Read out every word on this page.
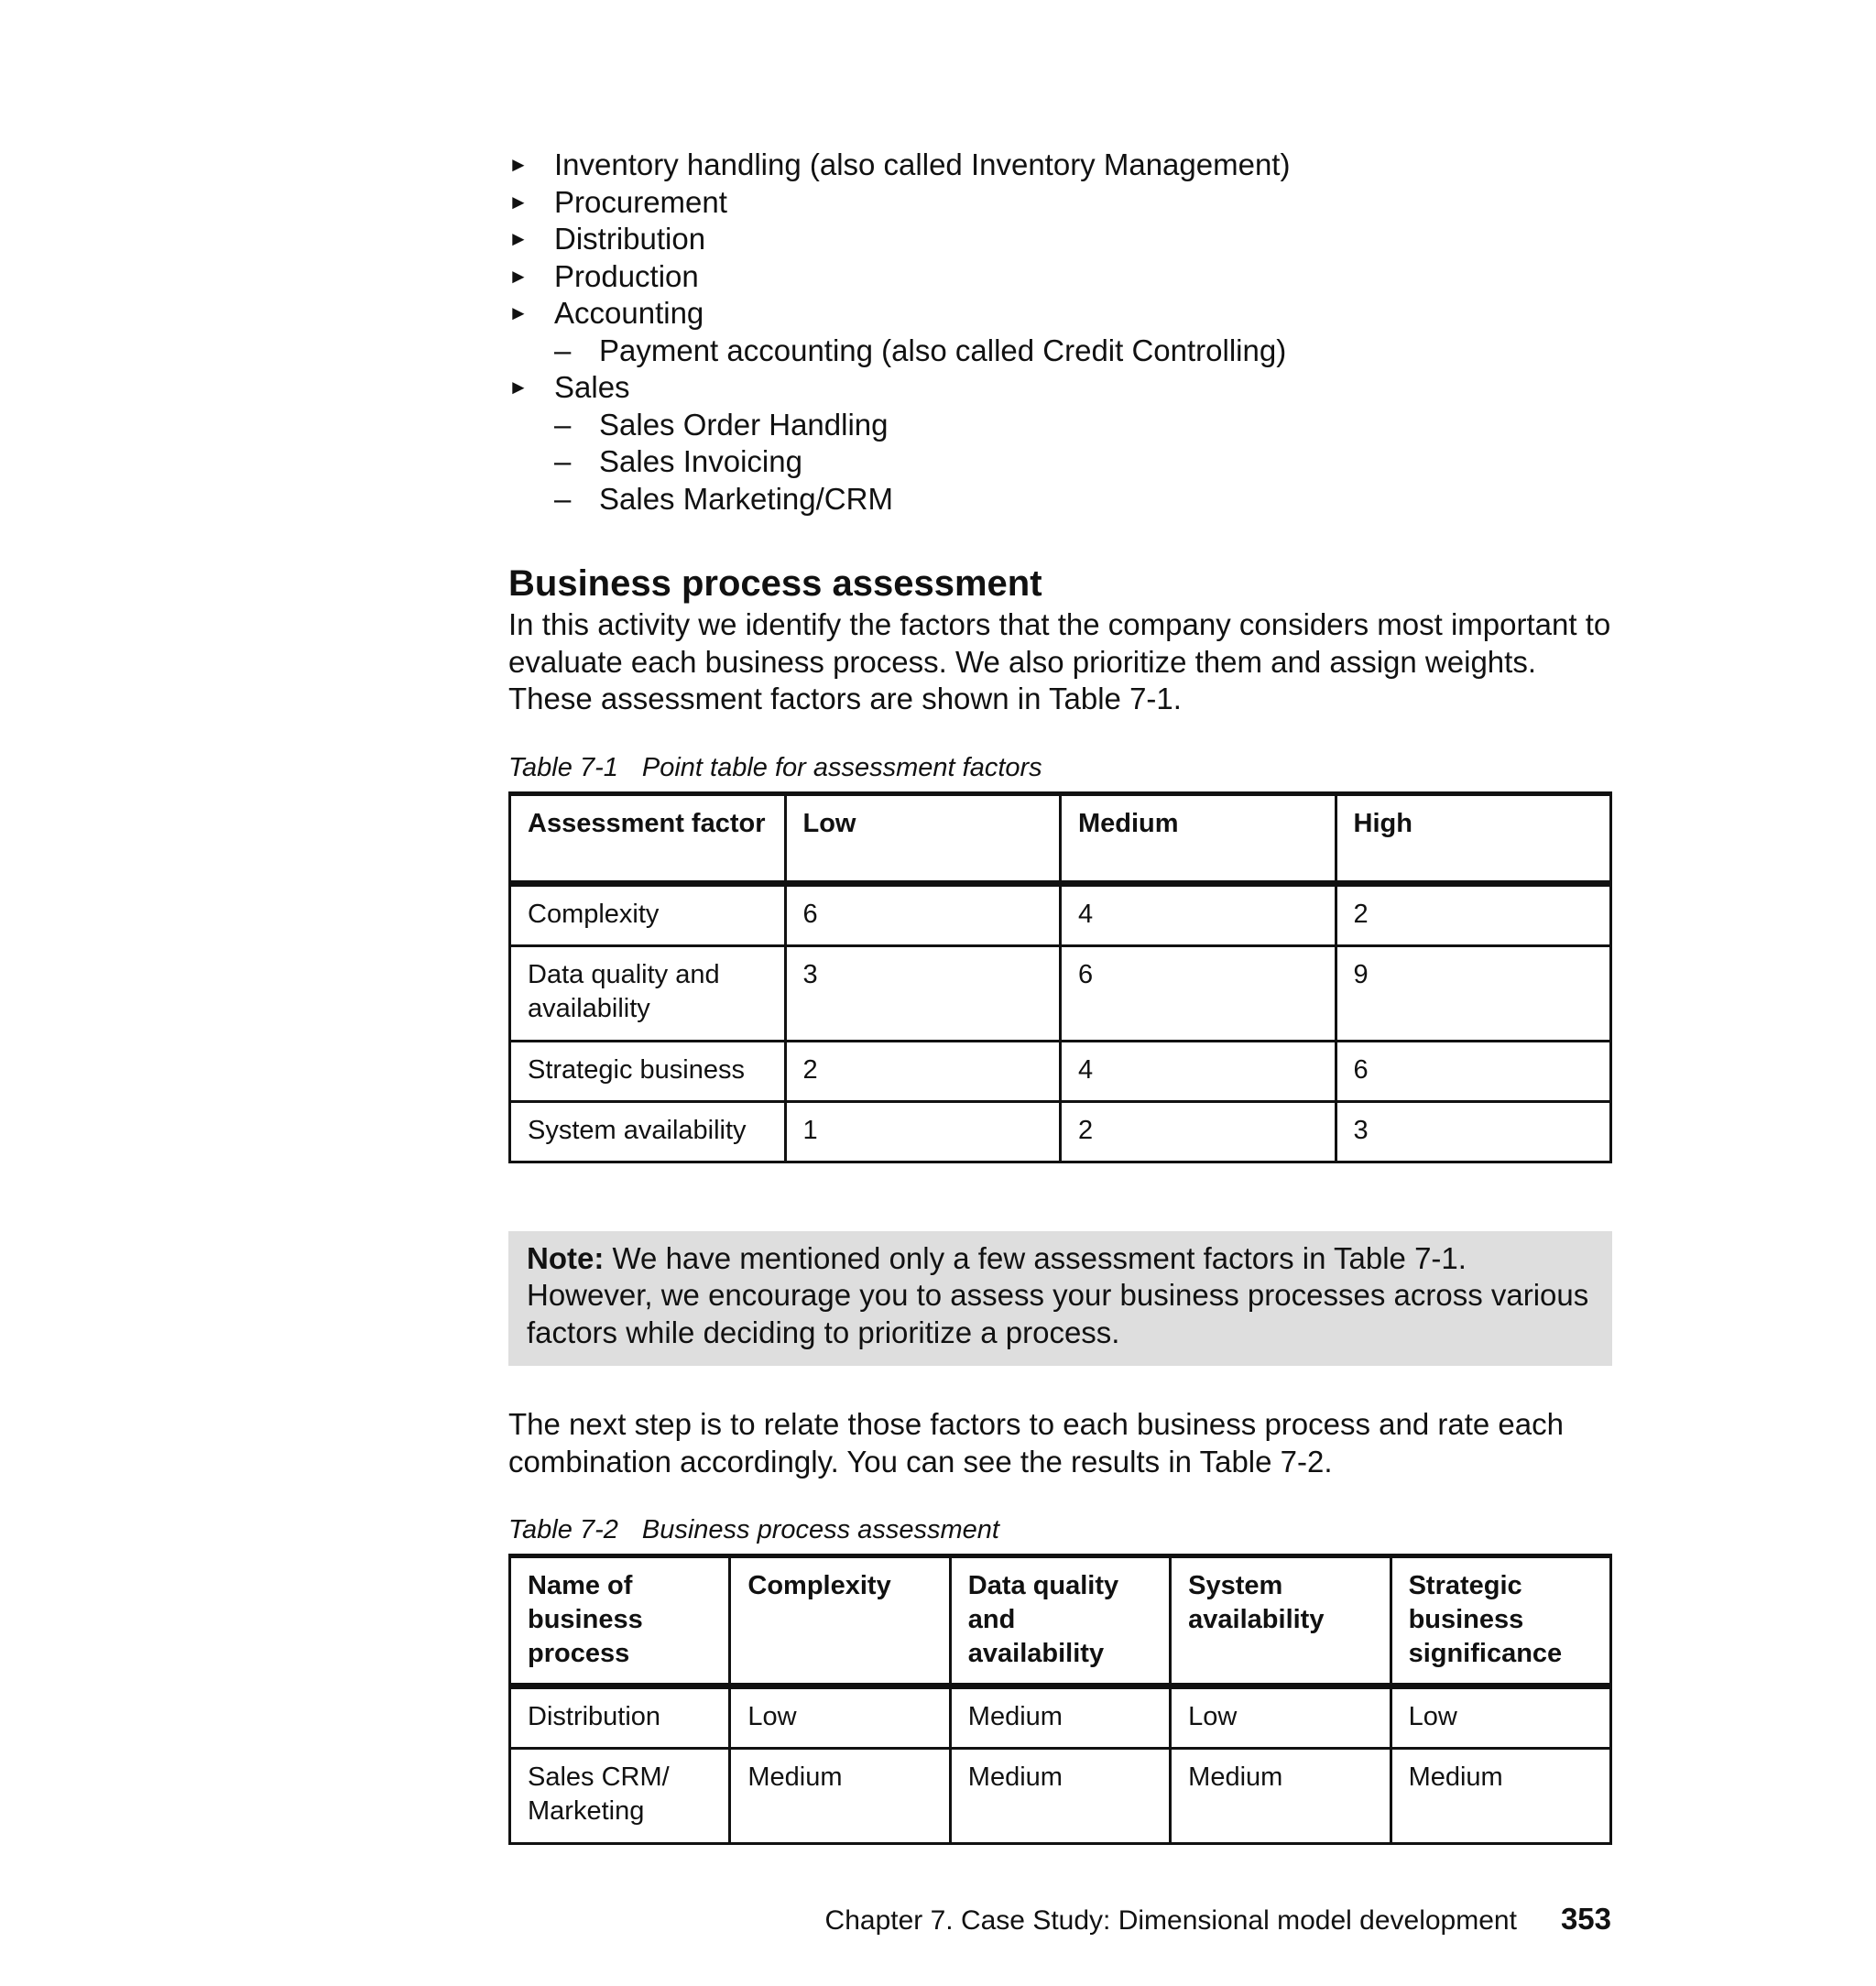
► Inventory handling (also called Inventory Management)
► Procurement
► Distribution
► Production
► Accounting
– Payment accounting (also called Credit Controlling)
► Sales
– Sales Order Handling
– Sales Invoicing
– Sales Marketing/CRM
Business process assessment

In this activity we identify the factors that the company considers most important to evaluate each business process. We also prioritize them and assign weights. These assessment factors are shown in Table 7-1.

Table 7-1 Point table for assessment factors
Assessment factor	Low	Medium	High
Complexity	6	4	2
Data quality and availability	3	6	9
Strategic business	2	4	6
System availability	1	2	3
Note: We have mentioned only a few assessment factors in Table 7-1. However, we encourage you to assess your business processes across various factors while deciding to prioritize a process.

The next step is to relate those factors to each business process and rate each combination accordingly. You can see the results in Table 7-2.

Table 7-2 Business process assessment
Name of business process	Complexity	Data quality and availability	System availability	Strategic business significance
Distribution	Low	Medium	Low	Low
Sales CRM/ Marketing	Medium	Medium	Medium	Medium
Chapter 7. Case Study: Dimensional model development 353
